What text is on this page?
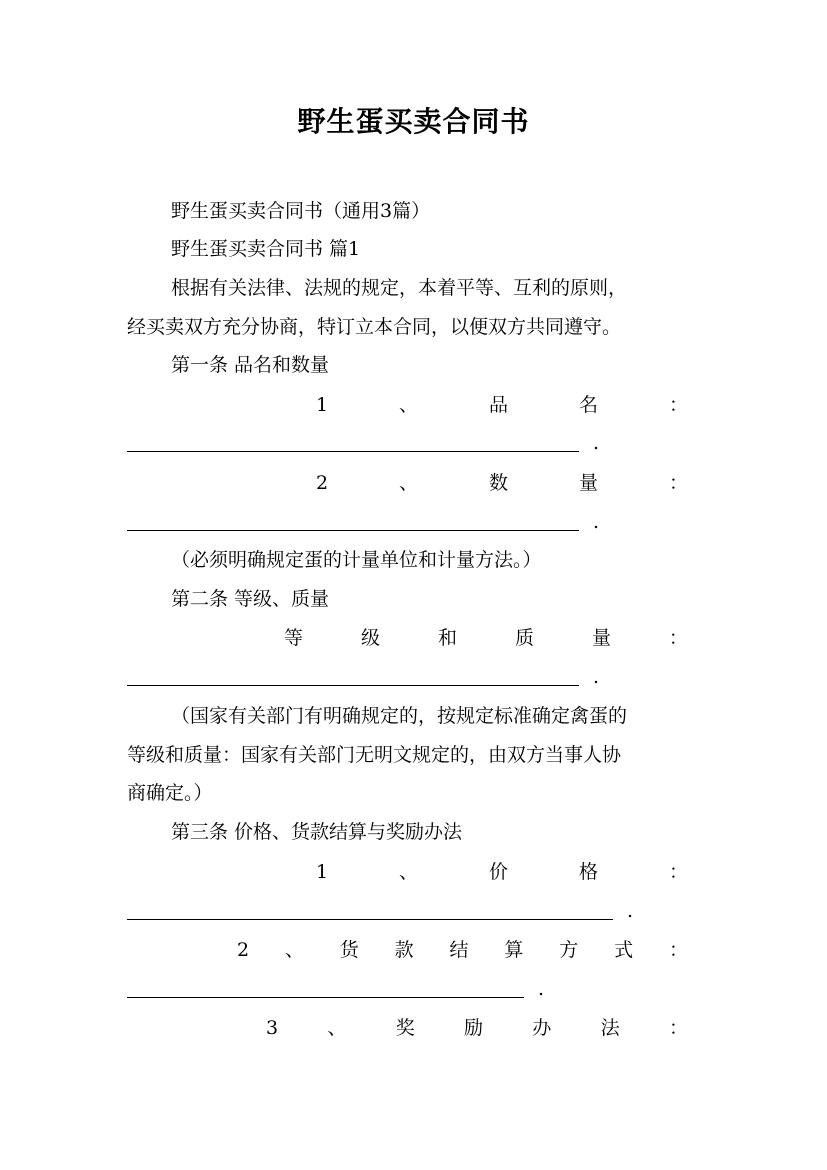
野生蛋买卖合同书
野生蛋买卖合同书（通用3篇）
野生蛋买卖合同书 篇1
根据有关法律、法规的规定，本着平等、互利的原则，
经买卖双方充分协商，特订立本合同，以便双方共同遵守。
第一条 品名和数量
1	、	品	名	：
.
2	、	数	量	：
.
（必须明确规定蛋的计量单位和计量方法。）
第二条 等级、质量
等	级	和	质	量	：
.
（国家有关部门有明确规定的，按规定标准确定禽蛋的
等级和质量：国家有关部门无明文规定的，由双方当事人协
商确定。）
第三条 价格、货款结算与奖励办法
1	、	价	格	：
.
2 、 货 款 结 算 方 式 ：
.
3	、	奖	励	办	法	：
